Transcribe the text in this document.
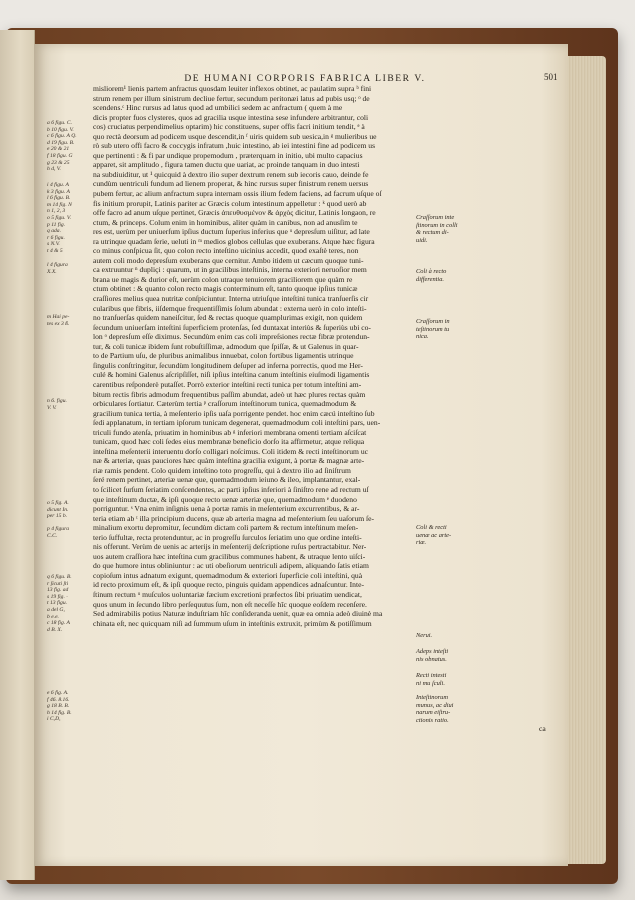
DE HUMANI CORPORIS FABRICA LIBER V.	501
misliorem¹ lienis partem anfractus quosdam leuiter inflexos obtinet, ac paulatim supra ᵇ fini
strum renem per illum sinistrum decliue fertur, secundum peritonæi latus ad pubis usq; ᵒ de
scendens.ᶜ Hinc rursus ad latus quod ad umbilici sedem ac anfractum ( quem à me
dicis propter fuos clysteres, quos ad gracilia usque intestina sese infundere arbitrantur, coli
cos) cruciatus perpendimelius optarim) hic constituens, super offis facri initium tendit, ᵉ à
quo rectà deorsum ad podicem usque descendit,in ᶠ uiris quidem sub uesica,in ᵍ mulieribus ue
rò sub utero offi facro & coccygis infratum ,huic intestino, ab iei intestini fine ad podicem us
que pertinenti : & fi par undique propemodum , præterquam in initio, ubi multo capacius
apparet, sit amplitudo , figura tamen ductu que uariat, ac proinde tanquam in duo intesti
na subdiuiditur, ut ¹ quicquid à dextro ilio super dextrum renem sub iecoris cauo, deinde fe
cundùm uentriculi fundum ad lienem properat, & hinc rursus super finistrum renem uersus
pubem fertur, ac alium anfractum supra internam ossis ilium fedem faciens, ad facrum uſque oſ
fis initium prorupit, Latinis pariter ac Græcis colum intestinum appelletur : ᵏ quod uerò ab
offe facro ad anum uſque pertinet, Græcis ἀπευθυσμένον & ἀρχὸς dicitur, Latinis longaon, re
ctum, & princeps. Colum enim in hominibus, aliter quàm in canibus, non ad anusſim te
res est, uerùm per uniuerſum ipſius ductum ſuperius inferius que ᵘ depresſum uiſitur, ad late
ra utrinque quadam ſerie, ueluti in ᵐ medios globos cellulas que exuberans. Atque hæc figura
co minus conſpicua ſit, quo colon recto inteſtino uicinius accedit, quod exaſtè teres, non
autem coli modo depresſum exuberans que cernitur. Ambo itidem ut cæcum quoque tuni-
ca extruuntur ⁿ dupliçi : quarum, ut in gracilibus inteſtinis, interna exteriori neruoſior mem
brana ue magis & durior eſt, uerùm colon utraque tenuiorem graciliorem que quàm re
ctum obtinet : & quanto colon recto magis conterminum eſt, tanto quoque ipſius tunicæ
craſſiores melius quea nutritæ conſpiciuntur. Interna utriuſque inteſtini tunica tranſuerſis cir
cularibus que fibris, iiſdemque frequentiſſimis ſolum abundat : externa uerò in colo inteſti-
no tranſuerſas quidem naneiſcitur, ſed & rectas quoque quamplurimas exigit, non quidem
ſecundum uniuerſam inteſtini ſuperficiem protenſas, ſed duntaxat interiùs & ſuperiùs ubi co-
lon ᵒ depresſum eſſe diximus. Secundùm enim cas coli impreſsiones rectæ fibræ protendun-
tur, & coli tunicæ ibidem ſunt robuſtiſſimæ, admodum que ſpiſſæ, & ut Galenus in quar-
to de Partium uſu, de pluribus animalibus innuebat, colon fortibus ligamentis utrinque
ſingulis conſtringitur, ſecundùm longitudinem deſuper ad inferna porrectis, quod me Her-
culé & homini Galenus aſcripſiſſet, niſi ipſius inteſtina canum inteſtinis eiuſmodi ligamentis
carentibus reſponderè putaſſet. Porrò exterior inteſtini recti tunica per totum inteſtini am-
bitum rectis fibris admodum frequentibus paſſim abundat, adeò ut hæc plures rectas quàm
orbiculares ſortiatur. Cæterùm tertia ᵖ craſſorum inteſtinorum tunica, quemadmodum &
gracilium tunica tertia, à meſenterio ipſis uaſa porrigente pendet. hoc enim cæcú inteſtino ſub
ſedi applanatum, in tertiam ipſorum tunicam degenerat, quemadmodum coli inteſtini pars, uen-
triculi fundo atenſa, priuatim in hominibus ab ᵍ inferiori membrana omenti tertiam aſciſcat
tunicam, quod hæc coli ſedes eius membranæ beneficio dorſo ita affirmetur, atque reliqua
inteſtina meſenterii interuentu dorſo colligari noſcimus. Coli itidem & recti inteſtinorum uc
næ & arteriæ, quas pauciores hæc quàm inteſtina gracilia exigunt, à portæ & magnæ arte-
riæ ramis pendent. Colo quidem inteſtino toto progreſſu, qui à dextro ilio ad ſiniſtrum
ſeré renem pertinet, arteriæ uenæ que, quemadmodum ieiuno & ileo, implantantur, exal-
to ſcilicet ſurſum ſeriatim conſcendentes, ac parti ipſius inferiori à ſiniſtro rene ad rectum uſ
que inteſtinum ductæ, & ipſi quoque recto uenæ arteriæ que, quemadmodum ᵉ duodeno
porriguntur. ˢ Vna enim inſignis uena à portæ ramis in meſenterium excurrentibus, & ar-
teria etiam ab ᵗ illa principium ducens, quæ ab arteria magna ad meſenterium ſeu uaſorum ſe-
minalium exortu depromitur, ſecundùm dictam coli partem & rectum inteſtinum meſen-
terio ſuffultæ, recta protenduntur, ac in progreſſu ſurculos ſeriatim uno que ordine inteſti-
nis offerunt. Verùm de uenis ac arterijs in meſenterij deſcriptione ruſus pertractabitur. Ner-
uos autem craſſiora hæc inteſtina cum gracilibus communes habent, & utraque lento uiſci-
do que humore intus obliniuntur : ac uti obeſiorum uentriculi adipem, aliquando ſatis etiam
copioſum intus adnatum exigunt, quemadmodum & exteriori ſuperficie coli inteſtini, quà
id recto proximum eſt, & ipſi quoque recto, pinguis quidam appendices adnaſcuntur. Inte-
ſtinum rectum ᵘ muſculos uoluntariæ fæcium excretioni præfectos ſibi priuatim uendicat,
quos unum in ſecundo libro perſequutus ſum, non eſt neceſſe hîc quoque eoſdem recenſere.
Sed admirabilis potius Naturæ induſtriam hîc conſideranda uenit, quæ ea omnia adeò diuinè ma
chinata eſt, nec quicquam niſi ad ſummum uſum in inteſtinis extruxit, primùm & potiſſimum
a 6 figu. C.
b 10 figu. V.
c 6 figu. A Q.
d 19 figu. B.
e 20 & 21
f 18 figu. G
g 23 & 25
h d, V.
i 4 figu. A
k 3 figu. A
l 6 figu. B.
m 14 fig. N
n 1, 2, 3
o 5 figu. V.
p 11 fig.
q ada.
r 6 figu.
s N.V.
t 4 & 5
l 4 figura
X.X.
m Hai pe-
tes ex 3 ß.
n 6. figu.
V. V.
o 5 fig. A.
dicunt In.
per 15 b.
p 4 figura
C.C.
q 6 figu. B.
r ſicuti ſti
13 fig. ad
s 19 fig. ·
t 13 figu.
a del G,
b e.e.
c 18 fig. A
d B. X.
e 6 fig. A.
f 46. 8.16.
g 18 B. B.
h 14 fig. B.
i C,D,
Craſſorum inte
ſtinorum in colli
& rectum di-
uidi.
Coli à recto
differentia.
Craſſorum in
teſtinorum tu
nica.
Coli & recti
uenæ ac arte-
riæ.
Nerui.
Adeps inteſti
nis obnatus.
Recti intesti
ni mu ſculi.
Inteſtinorum
munus, ac diui
narum eiſtru-
ctionis ratio.
ca
